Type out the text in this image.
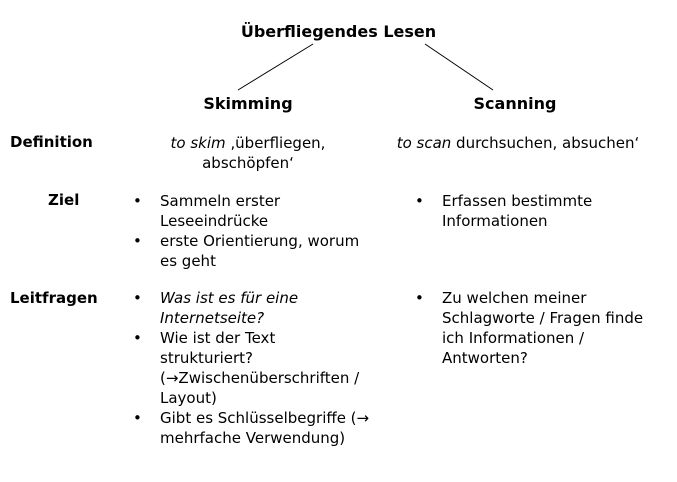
Überfliegendes Lesen
Skimming	Scanning
Definition
Ziel
Leitfragen
to skim ‚überfliegen, abschöpfen‘
to scan durchsuchen, absuchen‘
• Sammeln erster Leseeindrücke
• erste Orientierung, worum es geht
• Erfassen bestimmte Informationen
• Was ist es für eine Internetseite?
• Wie ist der Text strukturiert? (→Zwischenüberschriften / Layout)
• Gibt es Schlüsselbegriffe (→ mehrfache Verwendung)
• Zu welchen meiner Schlagworte / Fragen finde ich Informationen / Antworten?
